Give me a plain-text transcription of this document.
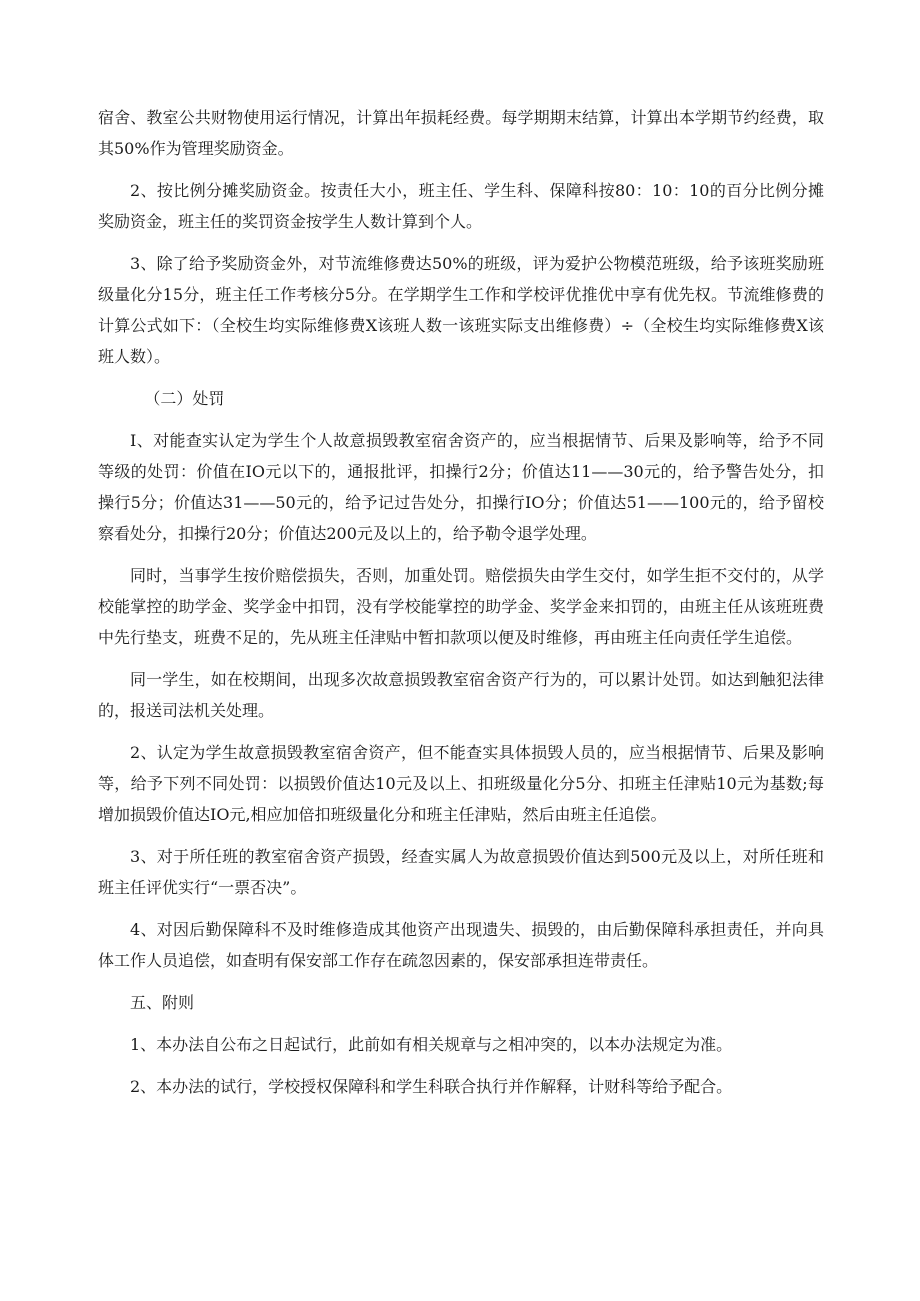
宿舍、教室公共财物使用运行情况，计算出年损耗经费。每学期期末结算，计算出本学期节约经费，取其50%作为管理奖励资金。

2、按比例分摊奖励资金。按责任大小，班主任、学生科、保障科按80：10：10的百分比例分摊奖励资金，班主任的奖罚资金按学生人数计算到个人。

3、除了给予奖励资金外，对节流维修费达50%的班级，评为爱护公物模范班级，给予该班奖励班级量化分15分，班主任工作考核分5分。在学期学生工作和学校评优推优中享有优先权。节流维修费的计算公式如下：（全校生均实际维修费X该班人数一该班实际支出维修费）÷（全校生均实际维修费X该班人数）。

（二）处罚

I、对能查实认定为学生个人故意损毁教室宿舍资产的，应当根据情节、后果及影响等，给予不同等级的处罚：价值在IO元以下的，通报批评，扣操行2分；价值达11——30元的，给予警告处分，扣操行5分；价值达31——50元的，给予记过告处分，扣操行IO分；价值达51——100元的，给予留校察看处分，扣操行20分；价值达200元及以上的，给予勒令退学处理。

同时，当事学生按价赔偿损失，否则，加重处罚。赔偿损失由学生交付，如学生拒不交付的，从学校能掌控的助学金、奖学金中扣罚，没有学校能掌控的助学金、奖学金来扣罚的，由班主任从该班班费中先行垫支，班费不足的，先从班主任津贴中暂扣款项以便及时维修，再由班主任向责任学生追偿。

同一学生，如在校期间，出现多次故意损毁教室宿舍资产行为的，可以累计处罚。如达到触犯法律的，报送司法机关处理。

2、认定为学生故意损毁教室宿舍资产，但不能查实具体损毁人员的，应当根据情节、后果及影响等，给予下列不同处罚：以损毁价值达10元及以上、扣班级量化分5分、扣班主任津贴10元为基数;每增加损毁价值达IO元,相应加倍扣班级量化分和班主任津贴，然后由班主任追偿。

3、对于所任班的教室宿舍资产损毁，经查实属人为故意损毁价值达到500元及以上，对所任班和班主任评优实行“一票否决”。

4、对因后勤保障科不及时维修造成其他资产出现遗失、损毁的，由后勤保障科承担责任，并向具体工作人员追偿，如查明有保安部工作存在疏忽因素的，保安部承担连带责任。

五、附则

1、本办法自公布之日起试行，此前如有相关规章与之相冲突的，以本办法规定为准。

2、本办法的试行，学校授权保障科和学生科联合执行并作解释，计财科等给予配合。
